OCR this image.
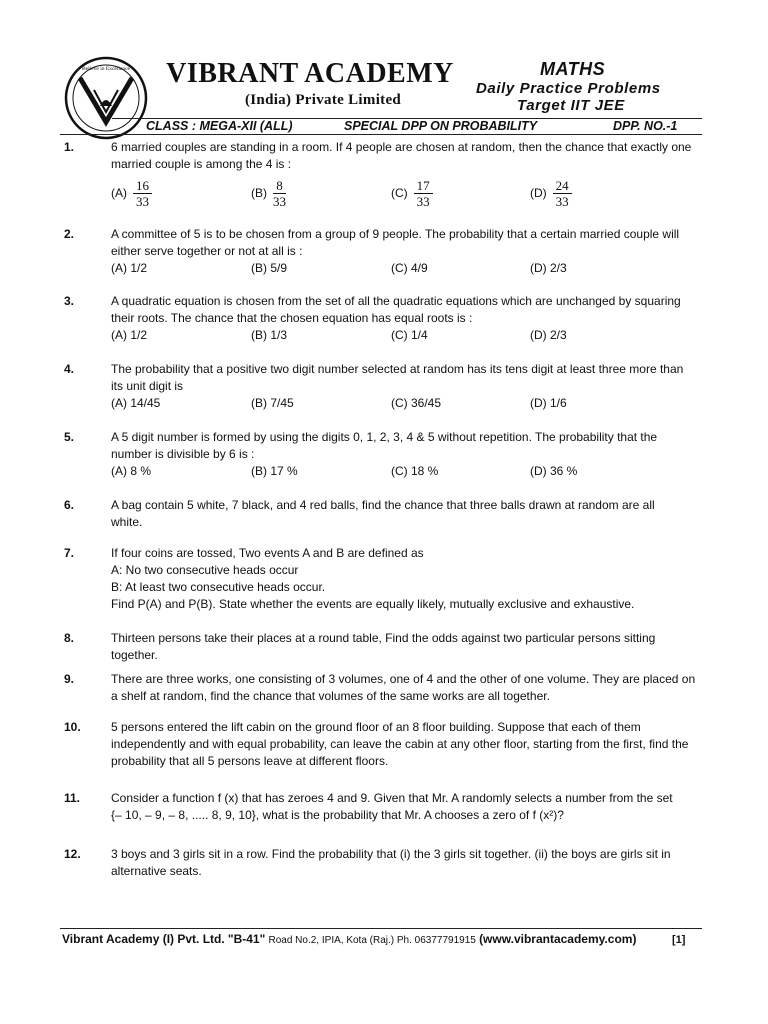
Believe in Excellence	VIBRANT ACADEMY
(India) Private Limited
MATHS
Daily Practice Problems
Target IIT JEE
CLASS : MEGA-XII (ALL)	SPECIAL DPP ON PROBABILITY	DPP. NO.-1
1.	6 married couples are standing in a room. If 4 people are chosen at random, then the chance that exactly one
married couple is among the 4 is :
$(A) \frac{16}{33}$	$(B) \frac{8}{33}$	$(C) \frac{17}{33}$	$(D) \frac{24}{33}$
2.	A committee of 5 is to be chosen from a group of 9 people. The probability that a certain married couple will
either serve together or not at all is :
(A) 1/2	(B) 5/9	(C) 4/9	(D) 2/3
3.	A quadratic equation is chosen from the set of all the quadratic equations which are unchanged by squaring
their roots. The chance that the chosen equation has equal roots is :
(A) 1/2	(B) 1/3	(C) 1/4	(D) 2/3
4.	The probability that a positive two digit number selected at random has its tens digit at least three more than
its unit digit is
(A) 14/45	(B) 7/45	(C) 36/45	(D) 1/6
5.	A 5 digit number is formed by using the digits 0, 1, 2, 3, 4 & 5 without repetition. The probability that the
number is divisible by 6 is :
(A) 8 %	(B) 17 %	(C) 18 %	(D) 36 %
6.	A bag contain 5 white, 7 black, and 4 red balls, find the chance that three balls drawn at random are all
white.
7.	If four coins are tossed, Two events A and B are defined as
A: No two consecutive heads occur
B: At least two consecutive heads occur.
Find P(A) and P(B). State whether the events are equally likely, mutually exclusive and exhaustive.
8.	Thirteen persons take their places at a round table, Find the odds against two particular persons sitting
together.
9.	There are three works, one consisting of 3 volumes, one of 4 and the other of one volume. They are placed on
a shelf at random, find the chance that volumes of the same works are all together.
10.	5 persons entered the lift cabin on the ground floor of an 8 floor building. Suppose that each of them
independently and with equal probability, can leave the cabin at any other floor, starting from the first, find the
probability that all 5 persons leave at different floors.
11.	Consider a function f (x) that has zeroes 4 and 9. Given that Mr. A randomly selects a number from the set
{– 10, – 9, – 8, ..... 8, 9, 10}, what is the probability that Mr. A chooses a zero of f (x²)?
12.	3 boys and 3 girls sit in a row. Find the probability that (i) the 3 girls sit together. (ii) the boys are girls sit in
alternative seats.
Vibrant Academy (I) Pvt. Ltd. "B-41" Road No.2, IPIA, Kota (Raj.) Ph. 06377791915 (www.vibrantacademy.com)	[1]
